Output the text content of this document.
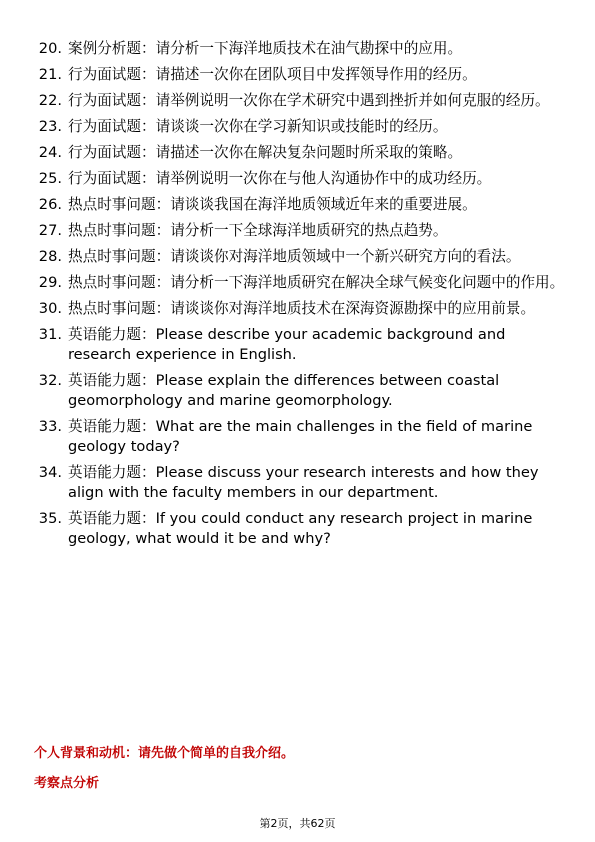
20. 案例分析题：请分析一下海洋地质技术在油气勘探中的应用。
21. 行为面试题：请描述一次你在团队项目中发挥领导作用的经历。
22. 行为面试题：请举例说明一次你在学术研究中遇到挫折并如何克服的经历。
23. 行为面试题：请谈谈一次你在学习新知识或技能时的经历。
24. 行为面试题：请描述一次你在解决复杂问题时所采取的策略。
25. 行为面试题：请举例说明一次你在与他人沟通协作中的成功经历。
26. 热点时事问题：请谈谈我国在海洋地质领域近年来的重要进展。
27. 热点时事问题：请分析一下全球海洋地质研究的热点趋势。
28. 热点时事问题：请谈谈你对海洋地质领域中一个新兴研究方向的看法。
29. 热点时事问题：请分析一下海洋地质研究在解决全球气候变化问题中的作用。
30. 热点时事问题：请谈谈你对海洋地质技术在深海资源勘探中的应用前景。
31. 英语能力题：Please describe your academic background and research experience in English.
32. 英语能力题：Please explain the differences between coastal geomorphology and marine geomorphology.
33. 英语能力题：What are the main challenges in the field of marine geology today?
34. 英语能力题：Please discuss your research interests and how they align with the faculty members in our department.
35. 英语能力题：If you could conduct any research project in marine geology, what would it be and why?
个人背景和动机：请先做个简单的自我介绍。
考察点分析
第2页，共62页
